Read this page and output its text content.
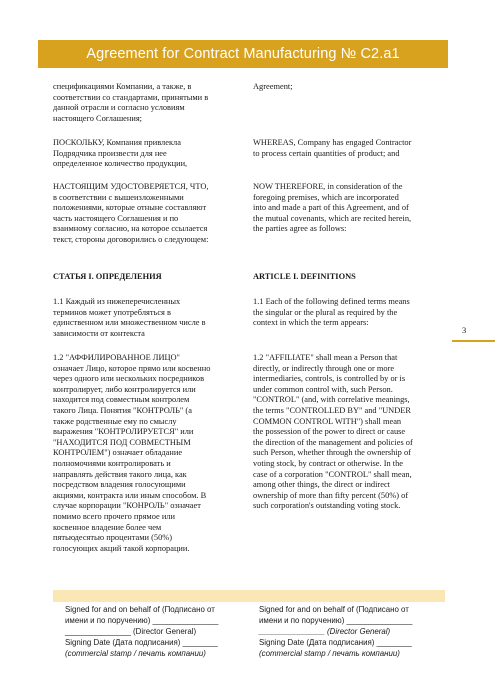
Agreement for Contract Manufacturing № C2.a1
спецификациями Компании, а также, в
соответствии со стандартами, принятыми в
данной отрасли и согласно условиям
настоящего Соглашения;
ПОСКОЛЬКУ, Компания привлекла
Подрядчика произвести для нее
определенное количество продукции,
НАСТОЯЩИМ УДОСТОВЕРЯЕТСЯ, ЧТО,
в соответствии с вышеизложенными
положениями, которые отныне составляют
часть настоящего Соглашения и по
взаимному согласию, на которое ссылается
текст, стороны договорились о следующем:
СТАТЬЯ I. ОПРЕДЕЛЕНИЯ
1.1 Каждый из нижеперечисленных
терминов может употребляться в
единственном или множественном числе в
зависимости от контекста
1.2 "АФФИЛИРОВАННОЕ ЛИЦО"
означает Лицо, которое прямо или косвенно
через одного или нескольких посредников
контролирует, либо контролируется или
находится под совместным контролем
такого Лица. Понятия "КОНТРОЛЬ" (а
также родственные ему по смыслу
выражения "КОНТРОЛИРУЕТСЯ" или
"НАХОДИТСЯ ПОД СОВМЕСТНЫМ
КОНТРОЛЕМ") означает обладание
полномочиями контролировать и
направлять действия такого лица, как
посредством владения голосующими
акциями, контракта или иным способом. В
случае корпорации "КОНРОЛЬ" означает
помимо всего прочего прямое или
косвенное владение более чем
пятьюдесятью процентами (50%)
голосующих акций такой корпорации.
Agreement;
WHEREAS, Company has engaged Contractor
to process certain quantities of product; and
NOW THEREFORE, in consideration of the
foregoing premises, which are incorporated
into and made a part of this Agreement, and of
the mutual covenants, which are recited herein,
the parties agree as follows:
ARTICLE I. DEFINITIONS
1.1 Each of the following defined terms means
the singular or the plural as required by the
context in which the term appears:
1.2 "AFFILIATE" shall mean a Person that
directly, or indirectly through one or more
intermediaries, controls, is controlled by or is
under common control with, such Person.
"CONTROL" (and, with correlative meanings,
the terms "CONTROLLED BY" and "UNDER
COMMON CONTROL WITH") shall mean
the possession of the power to direct or cause
the direction of the management and policies of
such Person, whether through the ownership of
voting stock, by contract or otherwise. In the
case of a corporation "CONTROL" shall mean,
among other things, the direct or indirect
ownership of more than fifty percent (50%) of
such corporation's outstanding voting stock.
3
Signed for and on behalf of (Подписано от
имени и по поручению) _______________
_______________ (Director General)
Signing Date (Дата подписания) ________
(commercial stamp / печать компании)
Signed for and on behalf of (Подписано от
имени и по поручению) _______________
_______________ (Director General)
Signing Date (Дата подписания) ________
(commercial stamp / печать компании)
